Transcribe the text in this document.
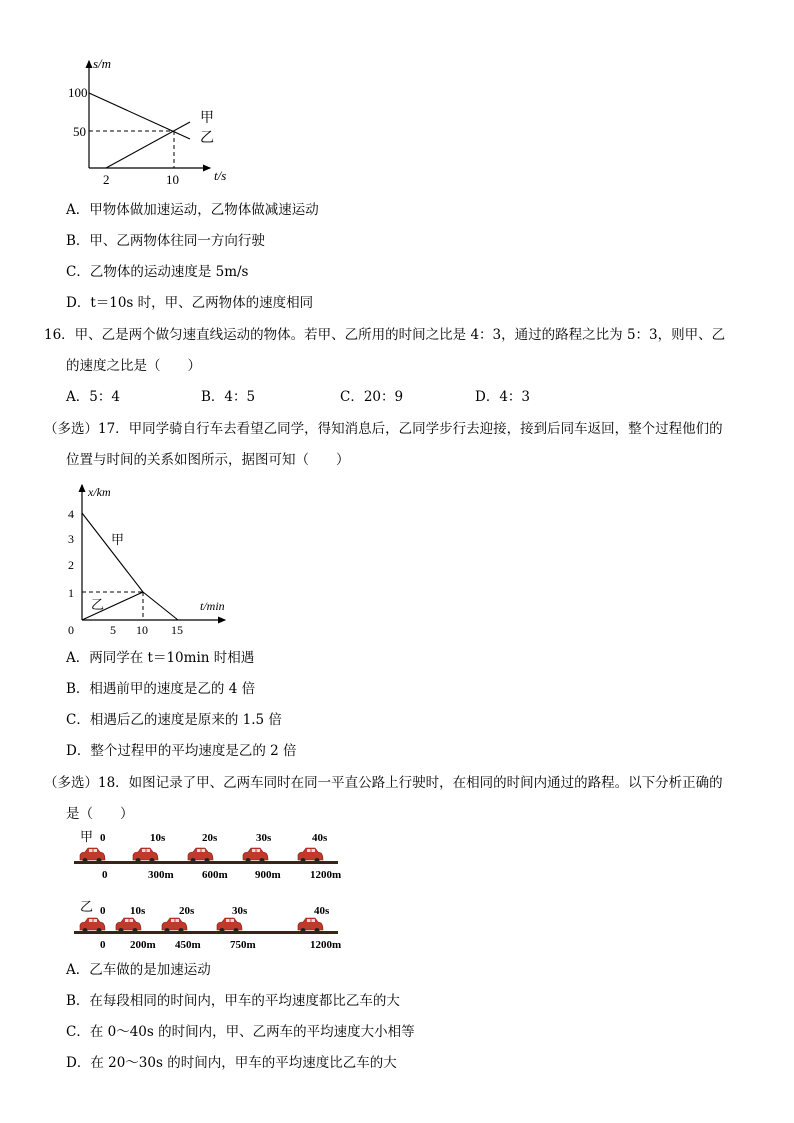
s/m
t/s
100
50
2	10
甲
乙
A．甲物体做加速运动，乙物体做减速运动
B．甲、乙两物体往同一方向行驶
C．乙物体的运动速度是 5m/s
D．t＝10s 时，甲、乙两物体的速度相同
16．甲、乙是两个做匀速直线运动的物体。若甲、乙所用的时间之比是 4：3，通过的路程之比为 5：3，则甲、乙
的速度之比是（　　）
A．5：4	B．4：5	C．20：9	D．4：3
（多选）17．甲同学骑自行车去看望乙同学，得知消息后，乙同学步行去迎接，接到后同车返回，整个过程他们的
位置与时间的关系如图所示，据图可知（　　）
x/km
t/min
4
3
2
1
0	5 10 15
甲
乙
A．两同学在 t＝10min 时相遇
B．相遇前甲的速度是乙的 4 倍
C．相遇后乙的速度是原来的 1.5 倍
D．整个过程甲的平均速度是乙的 2 倍
（多选）18．如图记录了甲、乙两车同时在同一平直公路上行驶时，在相同的时间内通过的路程。以下分析正确的
是（　　）
甲 0	10s	20s	30s	40s
0	300m	600m 900m	1200m
乙 0 10s	20s	30s	40s
0 200m 450m	750m	1200m
A．乙车做的是加速运动
B．在每段相同的时间内，甲车的平均速度都比乙车的大
C．在 0～40s 的时间内，甲、乙两车的平均速度大小相等
D．在 20～30s 的时间内，甲车的平均速度比乙车的大
